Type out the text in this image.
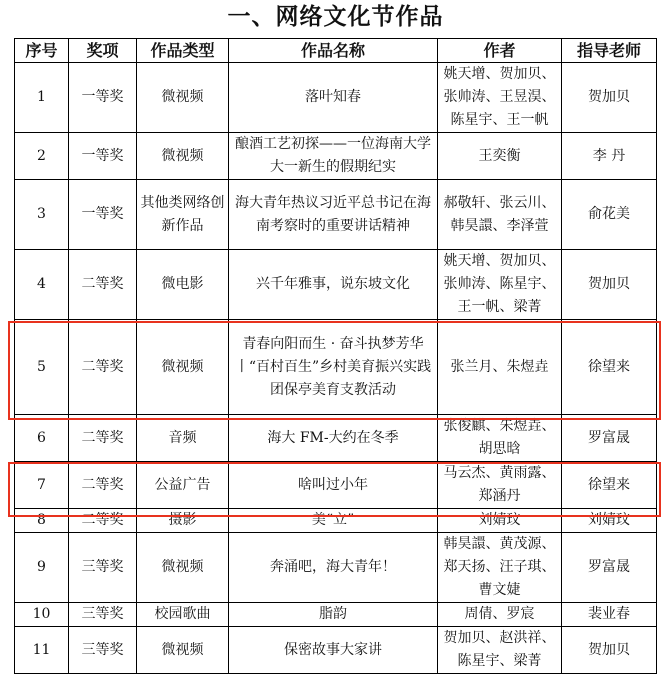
一、网络文化节作品
序号	奖项	作品类型	作品名称	作者	指导老师
1	一等奖	微视频	落叶知春	姚天增、贺加贝、张帅涛、王昱淏、陈星宇、王一帆	贺加贝
2	一等奖	微视频	酿酒工艺初探——一位海南大学大一新生的假期纪实	王奕衡	李 丹
3	一等奖	其他类网络创新作品	海大青年热议习近平总书记在海南考察时的重要讲话精神	郝敬轩、张云川、韩昊譞、李泽萱	俞花美
4	二等奖	微电影	兴千年雅事，说东坡文化	姚天增、贺加贝、张帅涛、陈星宇、王一帆、梁菁	贺加贝
5	二等奖	微视频	青春向阳而生 · 奋斗执梦芳华丨“百村百生”乡村美育振兴实践团保亭美育支教活动	张兰月、朱煜垚	徐望来
6	二等奖	音频	海大 FM-大约在冬季	张俊麒、朱煜垚、胡思晗	罗富晟
7	二等奖	公益广告	啥叫过小年	马云杰、黄雨露、郑涵丹	徐望来
8	二等奖	摄影	美“立”	刘婧玟	刘婧玟
9	三等奖	微视频	奔涌吧，海大青年！	韩昊譞、黄茂源、郑天扬、汪子琪、曹文婕	罗富晟
10	三等奖	校园歌曲	脂韵	周倩、罗宸	裴业春
11	三等奖	微视频	保密故事大家讲	贺加贝、赵洪祥、陈星宇、梁菁	贺加贝
